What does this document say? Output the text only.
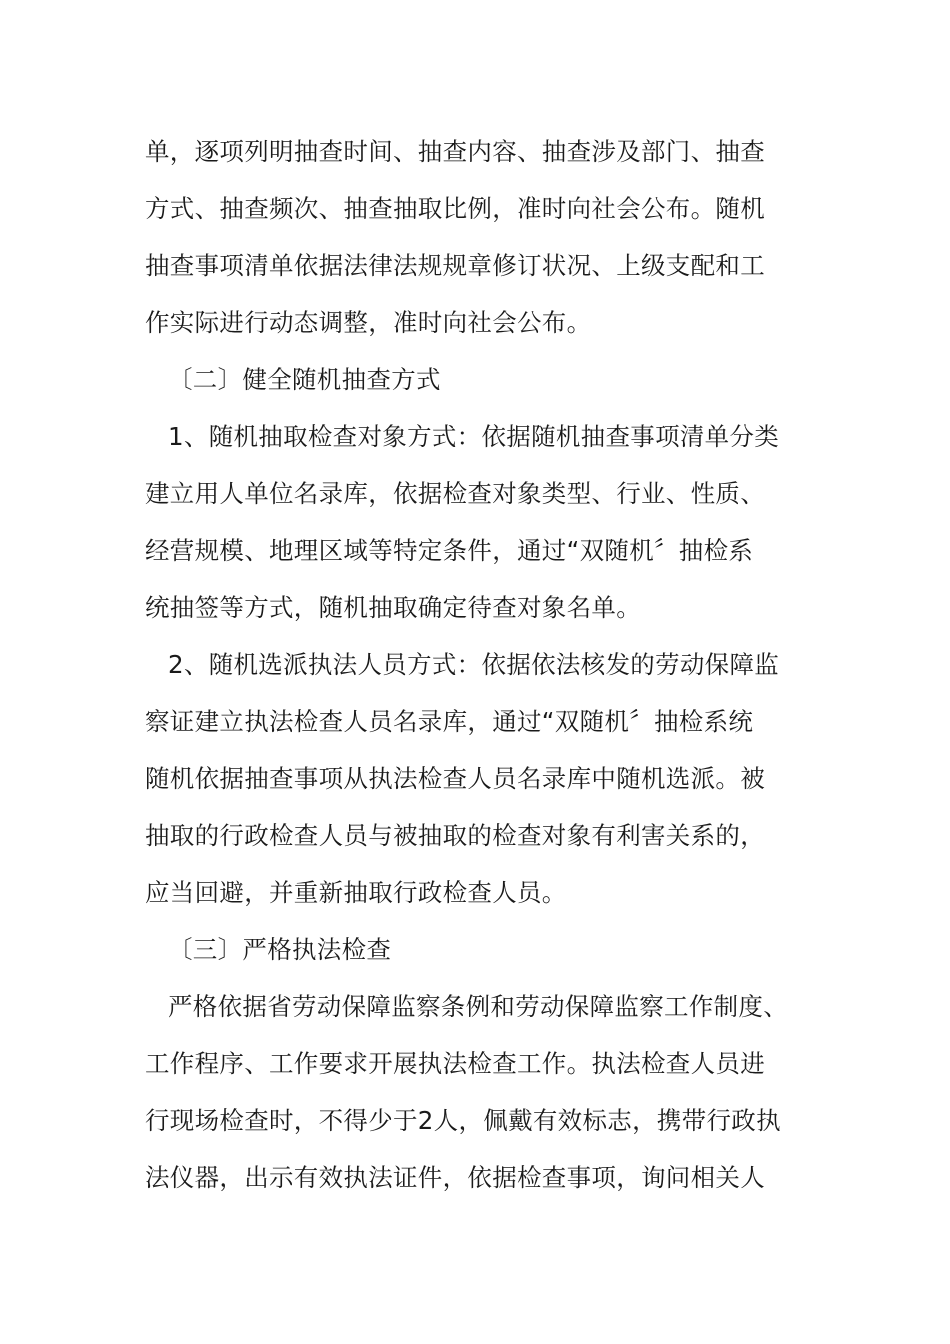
单，逐项列明抽查时间、抽查内容、抽查涉及部门、抽查
方式、抽查频次、抽查抽取比例，准时向社会公布。随机
抽查事项清单依据法律法规规章修订状况、上级支配和工
作实际进行动态调整，准时向社会公布。
〔二〕健全随机抽查方式
1、随机抽取检查对象方式：依据随机抽查事项清单分类
建立用人单位名录库，依据检查对象类型、行业、性质、
经营规模、地理区域等特定条件，通过“双随机〞抽检系
统抽签等方式，随机抽取确定待查对象名单。
2、随机选派执法人员方式：依据依法核发的劳动保障监
察证建立执法检查人员名录库，通过“双随机〞抽检系统
随机依据抽查事项从执法检查人员名录库中随机选派。被
抽取的行政检查人员与被抽取的检查对象有利害关系的，
应当回避，并重新抽取行政检查人员。
〔三〕严格执法检查
严格依据省劳动保障监察条例和劳动保障监察工作制度、
工作程序、工作要求开展执法检查工作。执法检查人员进
行现场检查时，不得少于2人，佩戴有效标志，携带行政执
法仪器，出示有效执法证件，依据检查事项，询问相关人
